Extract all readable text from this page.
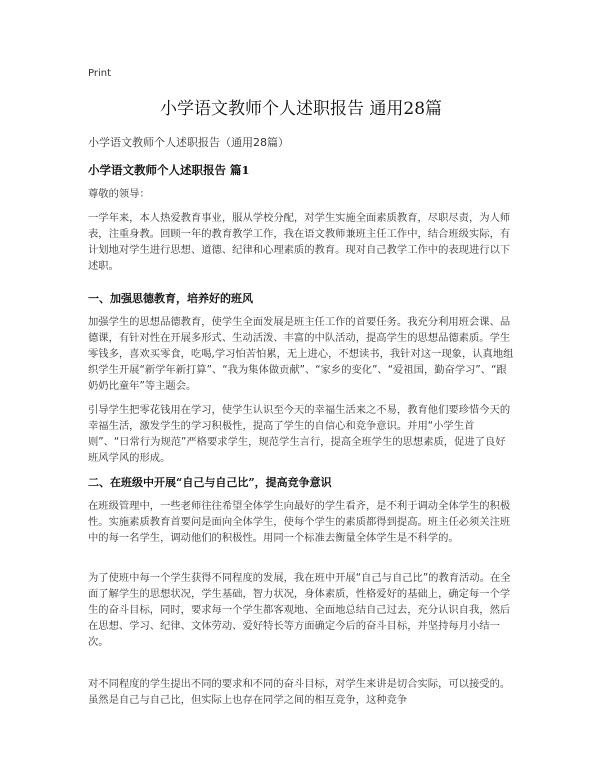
Print
小学语文教师个人述职报告 通用28篇
小学语文教师个人述职报告（通用28篇）
小学语文教师个人述职报告 篇1
尊敬的领导：
一学年来，本人热爱教育事业，服从学校分配，对学生实施全面素质教育，尽职尽责，为人师表，注重身教。回顾一年的教育教学工作，我在语文教师兼班主任工作中，结合班级实际，有计划地对学生进行思想、道德、纪律和心理素质的教育。现对自己教学工作中的表现进行以下述职。
一、加强思德教育，培养好的班风
加强学生的思想品德教育，使学生全面发展是班主任工作的首要任务。我充分利用班会课、品德课，有针对性在开展多形式、生动活泼、丰富的中队活动，提高学生的思想品德素质。学生零钱多，喜欢买零食，吃喝,学习怕苦怕累，无上进心，不想读书，我针对这一现象，认真地组织学生开展“新学年新打算”、“我为集体做贡献”、“家乡的变化”、“爱祖国，勤奋学习”、“跟奶奶比童年”等主题会。
引导学生把零花钱用在学习，使学生认识至今天的幸福生活来之不易，教育他们要珍惜今天的幸福生活，激发学生的学习积极性，提高了学生的自信心和竞争意识。并用“小学生首则”、“日常行为规范”严格要求学生，规范学生言行，提高全班学生的思想素质，促进了良好班风学风的形成。
二、在班级中开展“自己与自己比”，提高竞争意识
在班级管理中，一些老师往往希望全体学生向最好的学生看齐，是不利于调动全体学生的积极性。实施素质教育首要问是面向全体学生，使每个学生的素质都得到提高。班主任必须关注班中的每一名学生，调动他们的积极性。用同一个标准去衡量全体学生是不科学的。
为了使班中每一个学生获得不同程度的发展，我在班中开展“自己与自己比”的教育活动。在全面了解学生的思想状况，学生基础，智力状况，身体素质，性格爱好的基础上，确定每一个学生的奋斗目标，同时，要求每一个学生都客观地、全面地总结自己过去，充分认识自我，然后在思想、学习、纪律、文体劳动、爱好特长等方面确定今后的奋斗目标，并坚持每月小结一次。
对不同程度的学生提出不同的要求和不同的奋斗目标，对学生来讲是切合实际，可以接受的。虽然是自己与自己比，但实际上也存在同学之间的相互竞争，这种竞争
